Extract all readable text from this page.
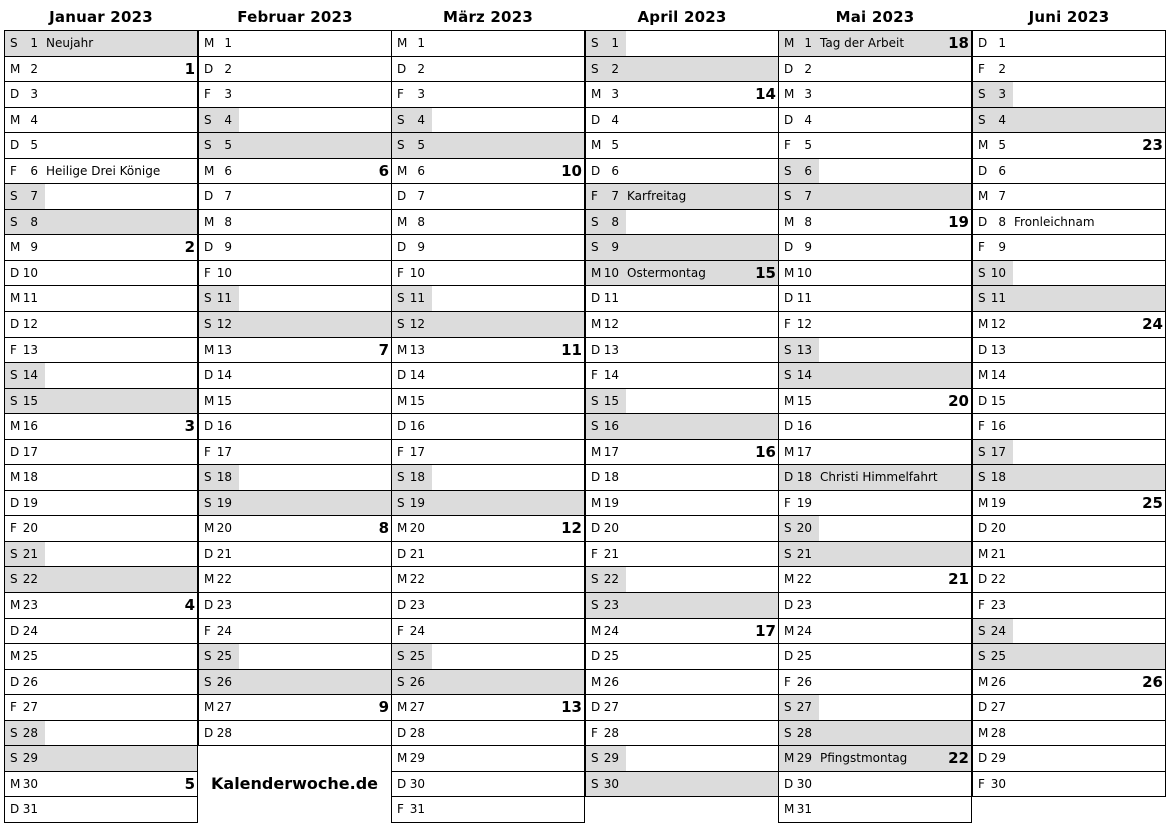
Januar 2023
S	1 Neujahr
M 2	1
D 3
M 4
D 5
F	6 Heilige Drei Könige
S	7
S	8
M 9	2
D 10
M 11
D 12
F 13
S 14
S 15
M 16	3
D 17
M 18
D 19
F 20
S 21
S 22
M 23	4
D 24
M 25
D 26
F 27
S 28
S 29
M 30	5
D 31
Februar 2023
M 1
D 2
F	3
S	4
S	5
M 6	6
D 7
M 8
D 9
F 10
S 11
S 12
M 13	7
D 14
M 15
D 16
F 17
S 18
S 19
M 20	8
D 21
M 22
D 23
F 24
S 25
S 26
M 27	9
D 28
März 2023
M 1
D 2
F	3
S	4
S	5
M 6	10
D 7
M 8
D 9
F 10
S 11
S 12
M 13	11
D 14
M 15
D 16
F 17
S 18
S 19
M 20	12
D 21
M 22
D 23
F 24
S 25
S 26
M 27	13
D 28
M 29
D 30
F 31
April 2023
S	1
S	2
M 3	14
D 4
M 5
D 6
F	7 Karfreitag
S	8
S	9
M 10 Ostermontag	15
D 11
M 12
D 13
F 14
S 15
S 16
M 17	16
D 18
M 19
D 20
F 21
S 22
S 23
M 24	17
D 25
M 26
D 27
F 28
S 29
S 30
Mai 2023
M 1 Tag der Arbeit	18
D 2
M 3
D 4
F	5
S	6
S	7
M 8	19
D 9
M 10
D 11
F 12
S 13
S 14
M 15	20
D 16
M 17
D 18 Christi Himmelfahrt
F 19
S 20
S 21
M 22	21
D 23
M 24
D 25
F 26
S 27
S 28
M 29 Pfingstmontag	22
D 30
M 31
Juni 2023
D 1
F	2
S	3
S	4
M 5	23
D 6
M 7
D 8 Fronleichnam
F	9
S 10
S 11
M 12	24
D 13
M 14
D 15
F 16
S 17
S 18
M 19	25
D 20
M 21
D 22
F 23
S 24
S 25
M 26	26
D 27
M 28
D 29
F 30
Kalenderwoche.de
